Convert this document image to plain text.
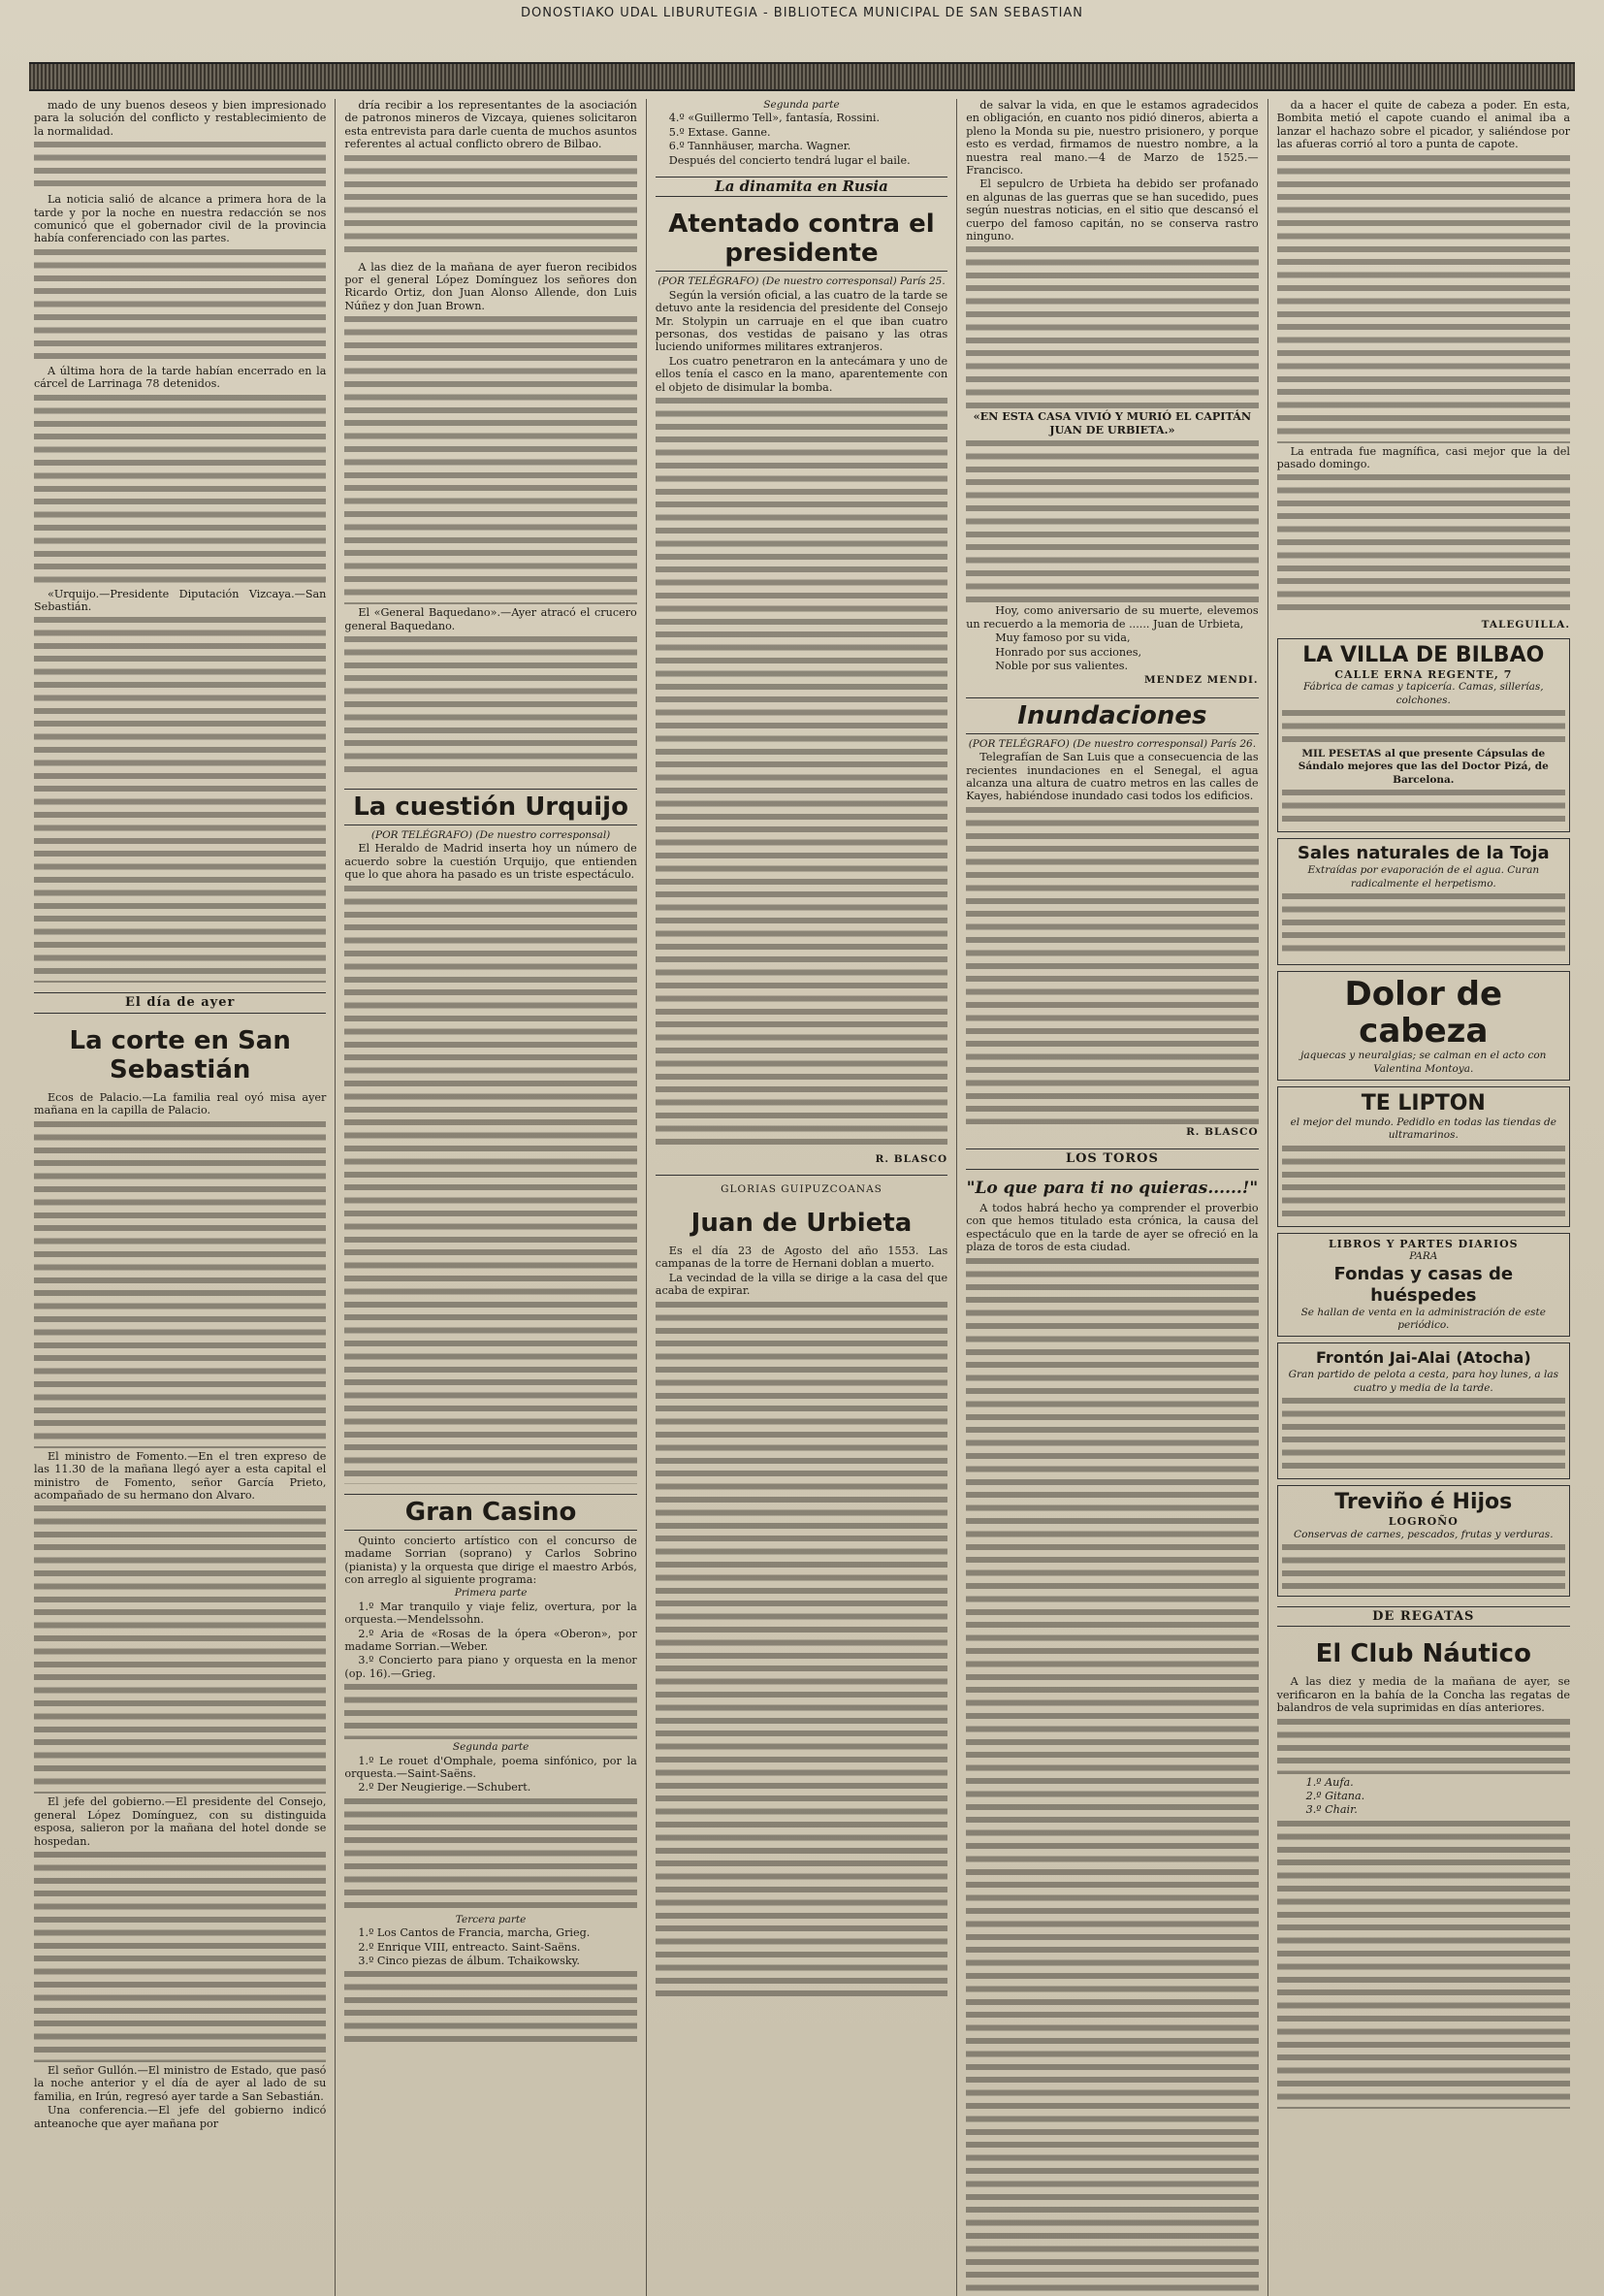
DONOSTIAKO UDAL LIBURUTEGIA - BIBLIOTECA MUNICIPAL DE SAN SEBASTIAN

mado de uny buenos deseos y bien impresionado para la solución del conflicto y restablecimiento de la normalidad.

La noticia salió de alcance a primera hora de la tarde y por la noche en nuestra redacción se nos comunicó que el gobernador civil de la provincia había conferenciado con las partes.

A última hora de la tarde habían encerrado en la cárcel de Larrinaga 78 detenidos.

«Urquijo.—Presidente Diputación Vizcaya.—San Sebastián.

El día de ayer
La corte en San Sebastián

Ecos de Palacio.—La familia real oyó misa ayer mañana en la capilla de Palacio.

El ministro de Fomento.—En el tren expreso de las 11.30 de la mañana llegó ayer a esta capital el ministro de Fomento, señor García Prieto, acompañado de su hermano don Alvaro.

El jefe del gobierno.—El presidente del Consejo, general López Domínguez, con su distinguida esposa, salieron por la mañana del hotel donde se hospedan.

El señor Gullón.—El ministro de Estado, que pasó la noche anterior y el día de ayer al lado de su familia, en Irún, regresó ayer tarde a San Sebastián.

Una conferencia.—El jefe del gobierno indicó anteanoche que ayer mañana por

dría recibir a los representantes de la asociación de patronos mineros de Vizcaya, quienes solicitaron esta entrevista para darle cuenta de muchos asuntos referentes al actual conflicto obrero de Bilbao.

A las diez de la mañana de ayer fueron recibidos por el general López Domínguez los señores don Ricardo Ortiz, don Juan Alonso Allende, don Luis Núñez y don Juan Brown.

El «General Baquedano».—Ayer atracó el crucero general Baquedano.

La cuestión Urquijo
(POR TELÉGRAFO) (De nuestro corresponsal)

El Heraldo de Madrid inserta hoy un número de acuerdo sobre la cuestión Urquijo, que entienden que lo que ahora ha pasado es un triste espectáculo.

Gran Casino

Quinto concierto artístico con el concurso de madame Sorrian (soprano) y Carlos Sobrino (pianista) y la orquesta que dirige el maestro Arbós, con arreglo al siguiente programa:

Primera parte

1.º Mar tranquilo y viaje feliz, overtura, por la orquesta.—Mendelssohn.

2.º Aria de «Rosas de la ópera «Oberon», por madame Sorrian.—Weber.

3.º Concierto para piano y orquesta en la menor (op. 16).—Grieg.

Segunda parte

1.º Le rouet d'Omphale, poema sinfónico, por la orquesta.—Saint-Saëns.

2.º Der Neugierige.—Schubert.

Tercera parte

1.º Los Cantos de Francia, marcha, Grieg.

2.º Enrique VIII, entreacto. Saint-Saëns.

3.º Cinco piezas de álbum. Tchaikowsky.

Segunda parte

4.º «Guillermo Tell», fantasía, Rossini.

5.º Extase. Ganne.

6.º Tannhäuser, marcha. Wagner.

Después del concierto tendrá lugar el baile.

La dinamita en Rusia
Atentado contra el presidente
(POR TELÉGRAFO) (De nuestro corresponsal) París 25.

Según la versión oficial, a las cuatro de la tarde se detuvo ante la residencia del presidente del Consejo Mr. Stolypin un carruaje en el que iban cuatro personas, dos vestidas de paisano y las otras luciendo uniformes militares extranjeros.

Los cuatro penetraron en la antecámara y uno de ellos tenía el casco en la mano, aparentemente con el objeto de disimular la bomba.

R. BLASCO
GLORIAS GUIPUZCOANAS
Juan de Urbieta

Es el día 23 de Agosto del año 1553. Las campanas de la torre de Hernani doblan a muerto.

La vecindad de la villa se dirige a la casa del que acaba de expirar.

de salvar la vida, en que le estamos agradecidos en obligación, en cuanto nos pidió dineros, abierta a pleno la Monda su pie, nuestro prisionero, y porque esto es verdad, firmamos de nuestro nombre, a la nuestra real mano.—4 de Marzo de 1525.—Francisco.

El sepulcro de Urbieta ha debido ser profanado en algunas de las guerras que se han sucedido, pues según nuestras noticias, en el sitio que descansó el cuerpo del famoso capitán, no se conserva rastro ninguno.

«EN ESTA CASA VIVIÓ Y MURIÓ EL CAPITÁN JUAN DE URBIETA.»

Hoy, como aniversario de su muerte, elevemos un recuerdo a la memoria de ...... Juan de Urbieta,

Muy famoso por su vida,

Honrado por sus acciones,

Noble por sus valientes.

MENDEZ MENDI.
Inundaciones
(POR TELÉGRAFO) (De nuestro corresponsal) París 26.

Telegrafían de San Luis que a consecuencia de las recientes inundaciones en el Senegal, el agua alcanza una altura de cuatro metros en las calles de Kayes, habiéndose inundado casi todos los edificios.

R. BLASCO
LOS TOROS
"Lo que para ti no quieras......!"

A todos habrá hecho ya comprender el proverbio con que hemos titulado esta crónica, la causa del espectáculo que en la tarde de ayer se ofreció en la plaza de toros de esta ciudad.

da a hacer el quite de cabeza a poder. En esta, Bombita metió el capote cuando el animal iba a lanzar el hachazo sobre el picador, y saliéndose por las afueras corrió al toro a punta de capote.

La entrada fue magnífica, casi mejor que la del pasado domingo.

TALEGUILLA.
LA VILLA DE BILBAO
CALLE ERNA REGENTE, 7
Fábrica de camas y tapicería. Camas, sillerías, colchones.
MIL PESETAS al que presente Cápsulas de Sándalo mejores que las del Doctor Pizá, de Barcelona.
Sales naturales de la Toja
Extraídas por evaporación de el agua. Curan radicalmente el herpetismo.
Dolor de cabeza
jaquecas y neuralgias; se calman en el acto con Valentina Montoya.
TE LIPTON
el mejor del mundo. Pedidlo en todas las tiendas de ultramarinos.
LIBROS Y PARTES DIARIOS
PARA
Fondas y casas de huéspedes
Se hallan de venta en la administración de este periódico.
Frontón Jai-Alai (Atocha)
Gran partido de pelota a cesta, para hoy lunes, a las cuatro y media de la tarde.
Treviño é Hijos
LOGROÑO
Conservas de carnes, pescados, frutas y verduras.
DE REGATAS
El Club Náutico

A las diez y media de la mañana de ayer, se verificaron en la bahía de la Concha las regatas de balandros de vela suprimidas en días anteriores.

1.º Aufa.

2.º Gitana.

3.º Chair.
